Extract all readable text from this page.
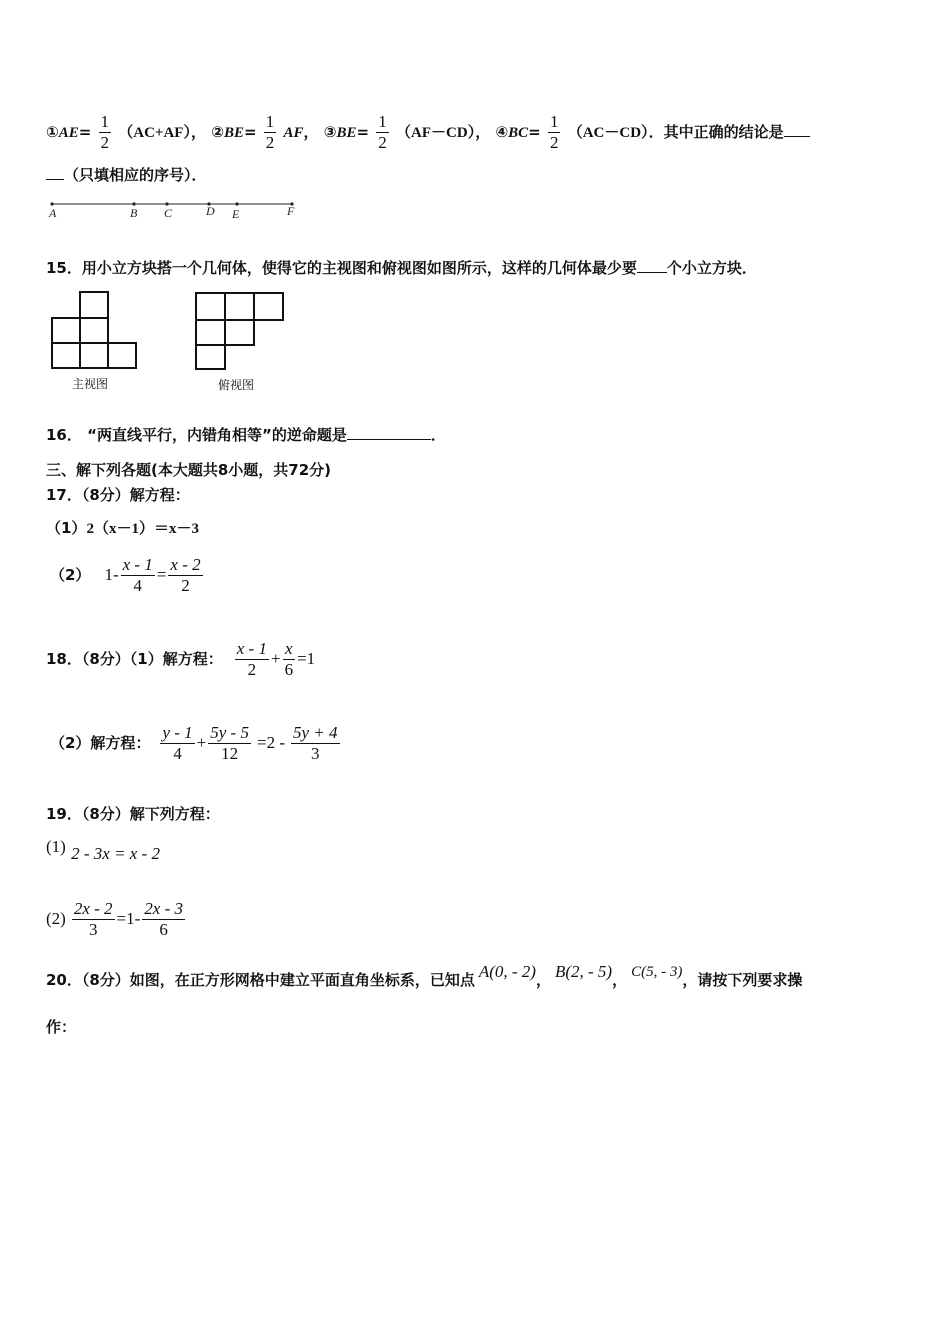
①AE= $\frac{1}{2} (AC+AF)$， ②BE= $\frac{1}{2}$ AF， ③BE= $\frac{1}{2} (AF-CD)$， ④BC= $\frac{1}{2} (AC-CD)$．其中正确的结论是
（只填相应的序号）．
A	B C	D E	F
15．用小立方块搭一个几何体，使得它的主视图和俯视图如图所示，这样的几何体最少要 个小立方块．
主视图	俯视图
16． “两直线平行，内错角相等”的逆命题是	．
三、解下列各题(本大题共8小题，共72分)
17．（8分）解方程：
（1）2（x－1）＝x－3
（2） $1- \frac{x - 1}{4} = \frac{x - 2}{2}$
18．（8分）（1）解方程： $\frac{x - 1}{2} + \frac{x}{6} =1$
（2）解方程： $\frac{y - 1}{4} + \frac{5y - 5}{12} =2 - \frac{5y + 4}{3}$
19．（8分）解下列方程：
(1) 2 - 3x = x - 2
$(2) \frac{2x - 2}{3} =1- \frac{2x - 3}{6}$
20．（8分）如图，在正方形网格中建立平面直角坐标系，已知点 A(0, - 2) ， B(2, - 5) ， C(5, - 3) ，请按下列要求操
作：
